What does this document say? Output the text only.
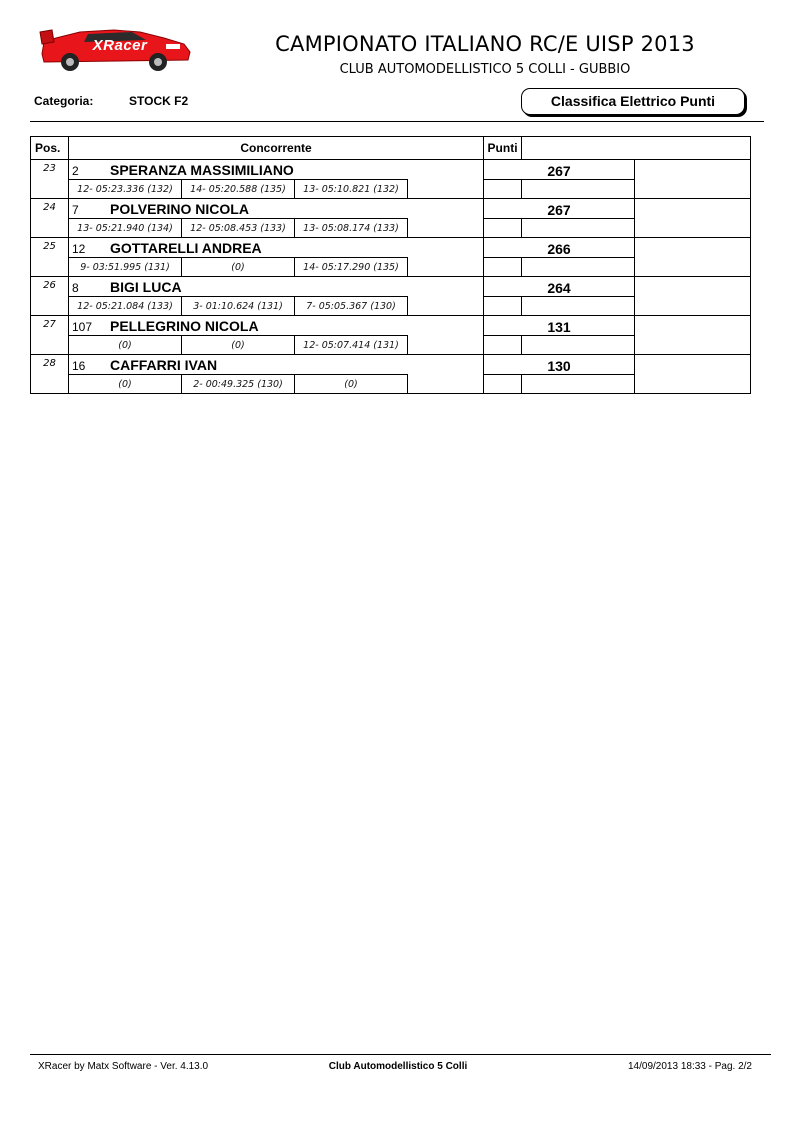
XRacer	CAMPIONATO ITALIANO RC/E UISP 2013
CLUB AUTOMODELLISTICO 5 COLLI - GUBBIO
Categoria:	STOCK F2	Classifica Elettrico Punti
Pos.	Concorrente				Punti		
23	2 SPERANZA MASSIMILIANO				267		
	12- 05:23.336 (132)	14- 05:20.588 (135)	13- 05:10.821 (132)				
24	7 POLVERINO NICOLA				267		
	13- 05:21.940 (134)	12- 05:08.453 (133)	13- 05:08.174 (133)				
25	12 GOTTARELLI ANDREA				266		
	9- 03:51.995 (131)	(0)	14- 05:17.290 (135)				
26	8 BIGI LUCA				264		
	12- 05:21.084 (133)	3- 01:10.624 (131)	7- 05:05.367 (130)				
27	107 PELLEGRINO NICOLA				131		
	(0)	(0)	12- 05:07.414 (131)				
28	16 CAFFARRI IVAN				130		
	(0)	2- 00:49.325 (130)	(0)				
XRacer by Matx Software - Ver. 4.13.0	Club Automodellistico 5 Colli	14/09/2013 18:33 - Pag. 2/2
